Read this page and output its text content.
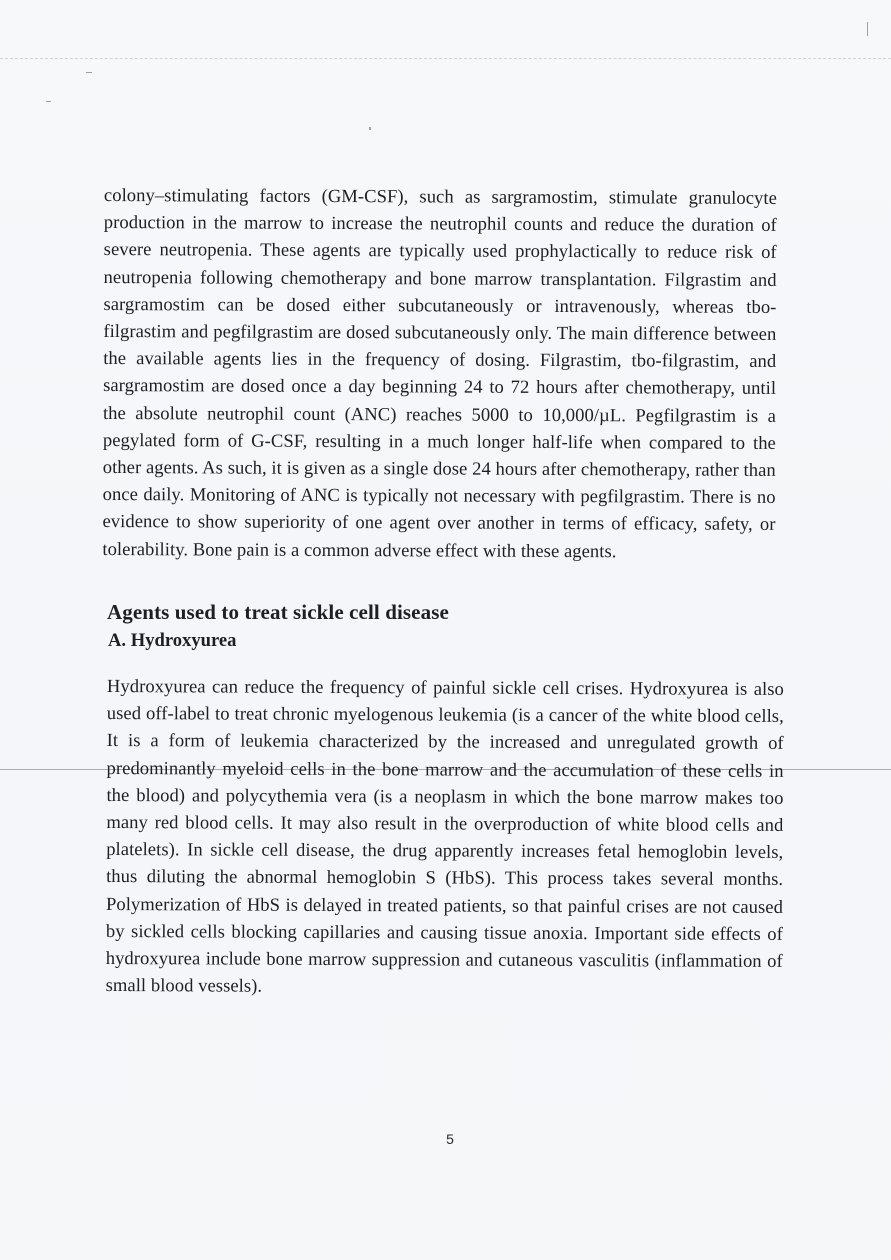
colony–stimulating factors (GM-CSF), such as sargramostim, stimulate granulocyte production in the marrow to increase the neutrophil counts and reduce the duration of severe neutropenia. These agents are typically used prophylactically to reduce risk of neutropenia following chemotherapy and bone marrow transplantation. Filgrastim and sargramostim can be dosed either subcutaneously or intravenously, whereas tbo-filgrastim and pegfilgrastim are dosed subcutaneously only. The main difference between the available agents lies in the frequency of dosing. Filgrastim, tbo-filgrastim, and sargramostim are dosed once a day beginning 24 to 72 hours after chemotherapy, until the absolute neutrophil count (ANC) reaches 5000 to 10,000/µL. Pegfilgrastim is a pegylated form of G-CSF, resulting in a much longer half-life when compared to the other agents. As such, it is given as a single dose 24 hours after chemotherapy, rather than once daily. Monitoring of ANC is typically not necessary with pegfilgrastim. There is no evidence to show superiority of one agent over another in terms of efficacy, safety, or tolerability. Bone pain is a common adverse effect with these agents.

Agents used to treat sickle cell disease
A. Hydroxyurea

Hydroxyurea can reduce the frequency of painful sickle cell crises. Hydroxyurea is also used off-label to treat chronic myelogenous leukemia (is a cancer of the white blood cells, It is a form of leukemia characterized by the increased and unregulated growth of predominantly myeloid cells in the bone marrow and the accumulation of these cells in the blood) and polycythemia vera (is a neoplasm in which the bone marrow makes too many red blood cells. It may also result in the overproduction of white blood cells and platelets). In sickle cell disease, the drug apparently increases fetal hemoglobin levels, thus diluting the abnormal hemoglobin S (HbS). This process takes several months. Polymerization of HbS is delayed in treated patients, so that painful crises are not caused by sickled cells blocking capillaries and causing tissue anoxia. Important side effects of hydroxyurea include bone marrow suppression and cutaneous vasculitis (inflammation of small blood vessels).

5
